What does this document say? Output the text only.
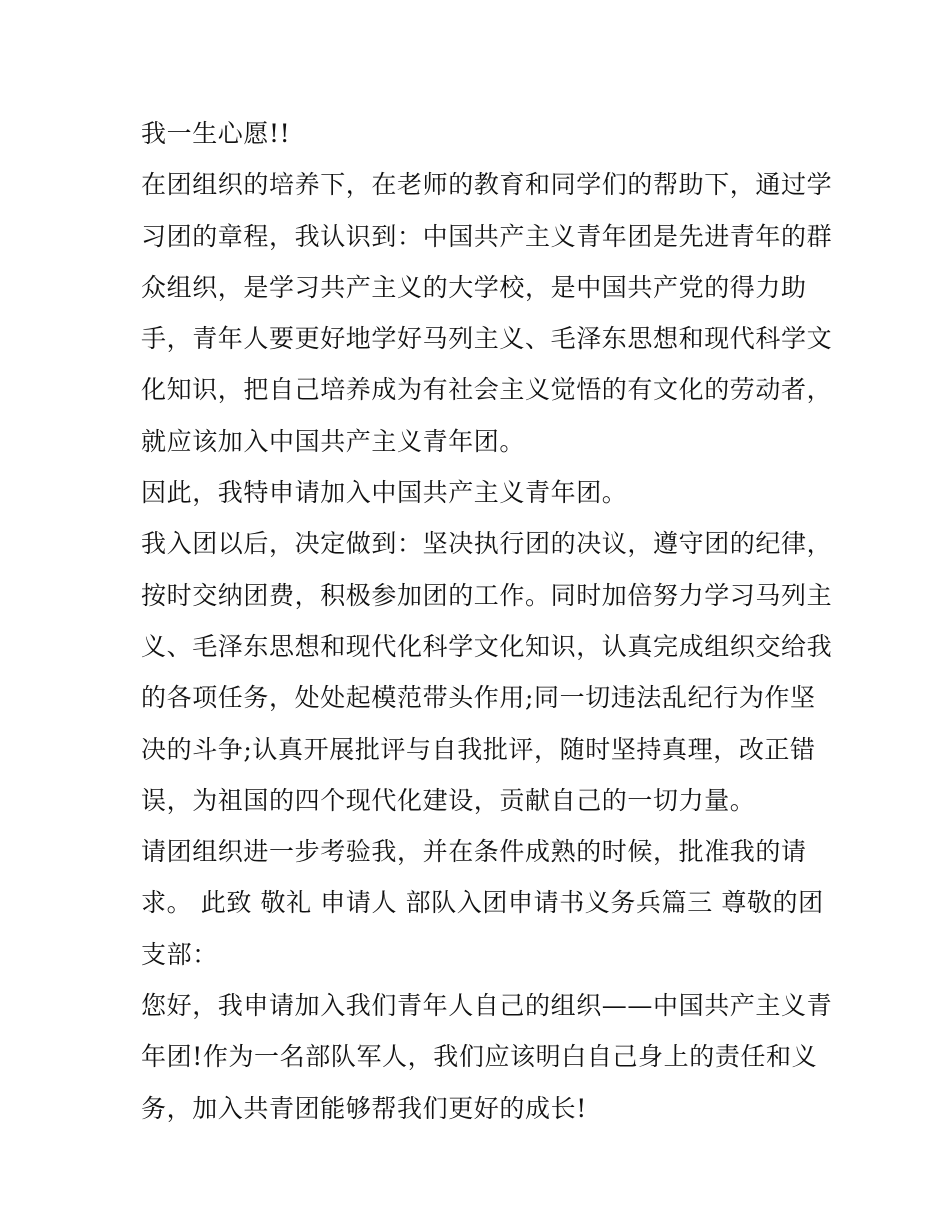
我一生心愿!!

在团组织的培养下，在老师的教育和同学们的帮助下，通过学
习团的章程，我认识到：中国共产主义青年团是先进青年的群
众组织，是学习共产主义的大学校，是中国共产党的得力助
手，青年人要更好地学好马列主义、毛泽东思想和现代科学文
化知识，把自己培养成为有社会主义觉悟的有文化的劳动者，
就应该加入中国共产主义青年团。

因此，我特申请加入中国共产主义青年团。

我入团以后，决定做到：坚决执行团的决议，遵守团的纪律，
按时交纳团费，积极参加团的工作。同时加倍努力学习马列主
义、毛泽东思想和现代化科学文化知识，认真完成组织交给我
的各项任务，处处起模范带头作用;同一切违法乱纪行为作坚
决的斗争;认真开展批评与自我批评，随时坚持真理，改正错
误，为祖国的四个现代化建设，贡献自己的一切力量。

请团组织进一步考验我，并在条件成熟的时候，批准我的请
求。 此致 敬礼 申请人 部队入团申请书义务兵篇三 尊敬的团
支部：

您好，我申请加入我们青年人自己的组织——中国共产主义青
年团!作为一名部队军人，我们应该明白自己身上的责任和义
务，加入共青团能够帮我们更好的成长!
